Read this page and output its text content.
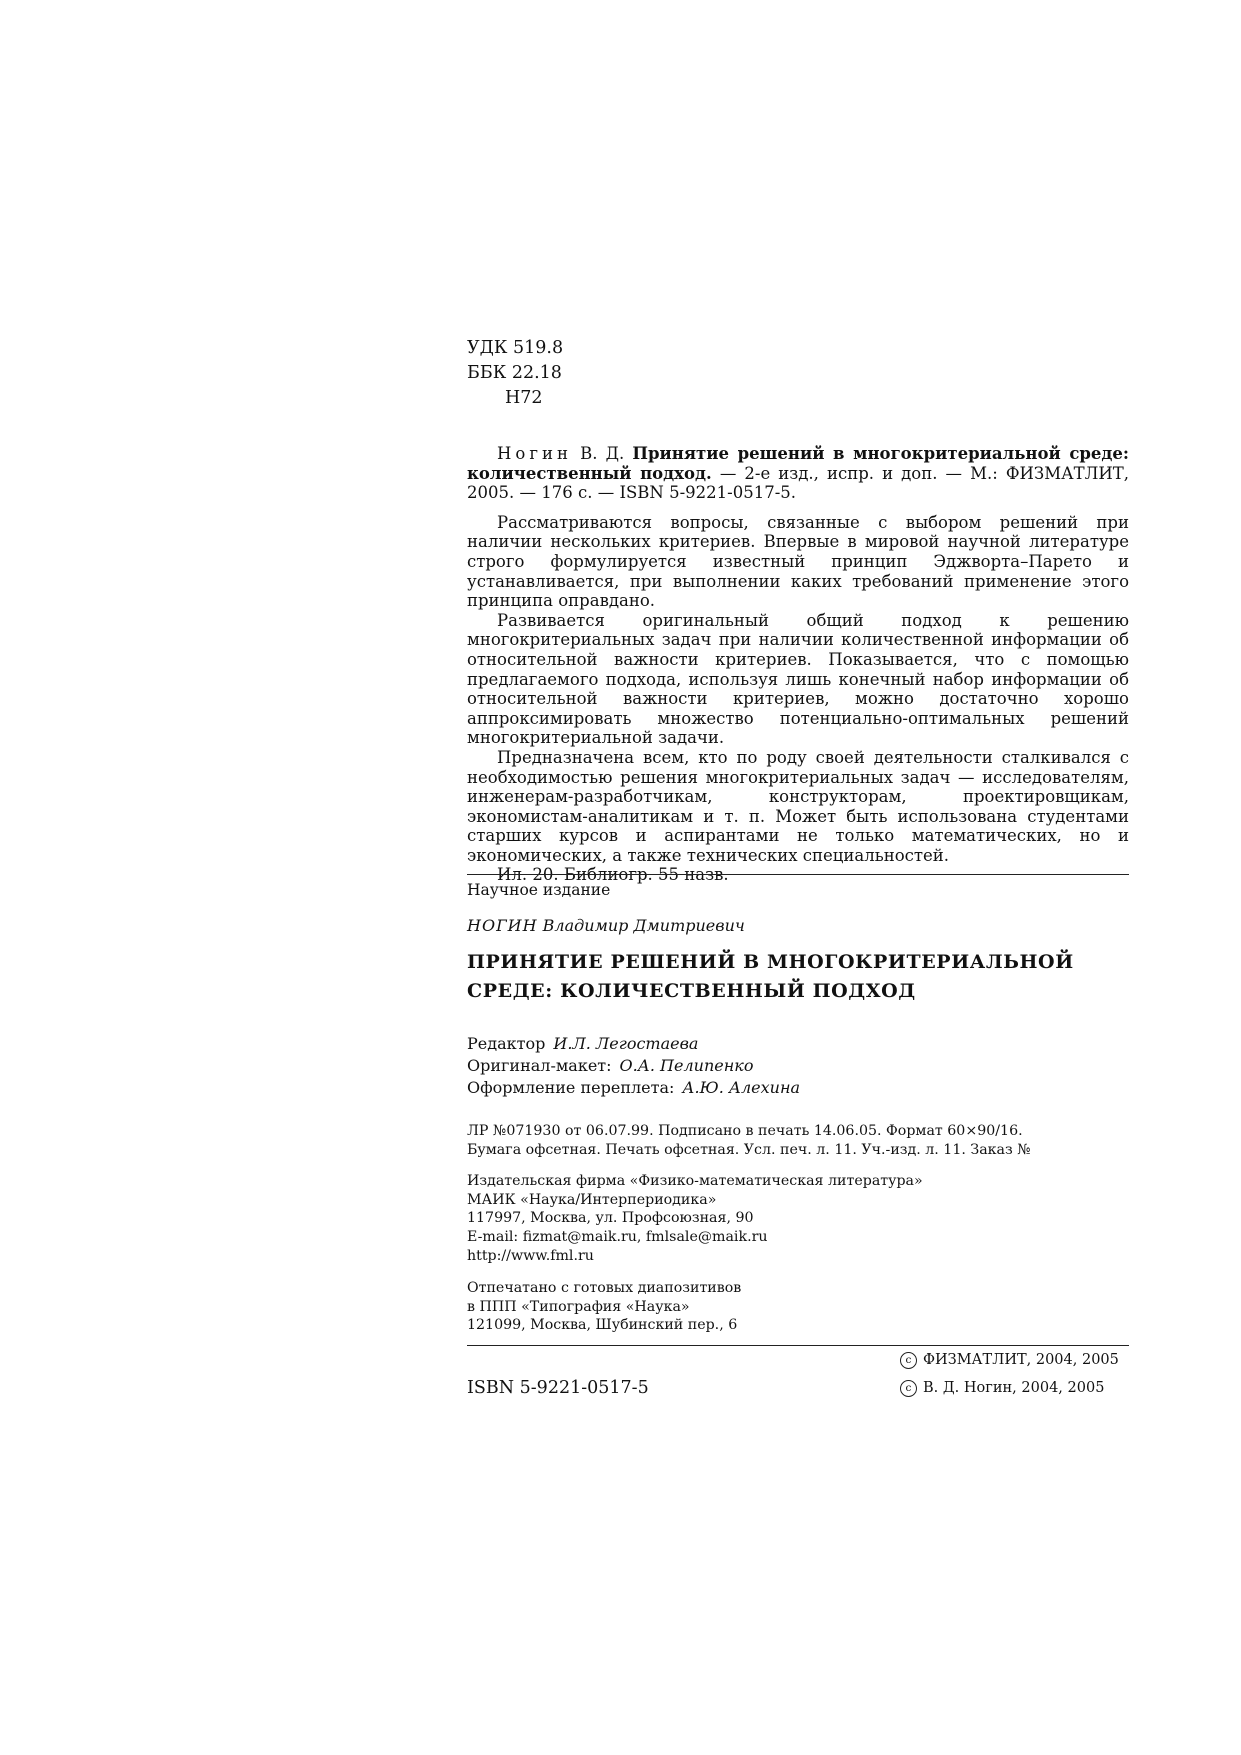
УДК 519.8
ББК 22.18
Н72

Ногин В. Д. Принятие решений в многокритериальной среде: количественный подход. — 2-е изд., испр. и доп. — М.: ФИЗМАТЛИТ, 2005. — 176 с. — ISBN 5-9221-0517-5.

Рассматриваются вопросы, связанные с выбором решений при наличии нескольких критериев. Впервые в мировой научной литературе строго формулируется известный принцип Эджворта–Парето и устанавливается, при выполнении каких требований применение этого принципа оправдано.

Развивается оригинальный общий подход к решению многокритериальных задач при наличии количественной информации об относительной важности критериев. Показывается, что с помощью предлагаемого подхода, используя лишь конечный набор информации об относительной важности критериев, можно достаточно хорошо аппроксимировать множество потенциально-оптимальных решений многокритериальной задачи.

Предназначена всем, кто по роду своей деятельности сталкивался с необходимостью решения многокритериальных задач — исследователям, инженерам-разработчикам, конструкторам, проектировщикам, экономистам-аналитикам и т. п. Может быть использована студентами старших курсов и аспирантами не только математических, но и экономических, а также технических специальностей.

Ил. 20. Библиогр. 55 назв.

Научное издание
НОГИН Владимир Дмитриевич
ПРИНЯТИЕ РЕШЕНИЙ В МНОГОКРИТЕРИАЛЬНОЙ
СРЕДЕ: КОЛИЧЕСТВЕННЫЙ ПОДХОД
Редактор И.Л. Легостаева
Оригинал-макет: О.А. Пелипенко
Оформление переплета: А.Ю. Алехина
ЛР №071930 от 06.07.99. Подписано в печать 14.06.05. Формат 60×90/16.
Бумага офсетная. Печать офсетная. Усл. печ. л. 11. Уч.-изд. л. 11. Заказ №
Издательская фирма «Физико-математическая литература»
МАИК «Наука/Интерпериодика»
117997, Москва, ул. Профсоюзная, 90
E-mail: fizmat@maik.ru, fmlsale@maik.ru
http://www.fml.ru
Отпечатано с готовых диапозитивов
в ППП «Типография «Наука»
121099, Москва, Шубинский пер., 6
c ФИЗМАТЛИТ, 2004, 2005
c В. Д. Ногин, 2004, 2005
ISBN 5-9221-0517-5
